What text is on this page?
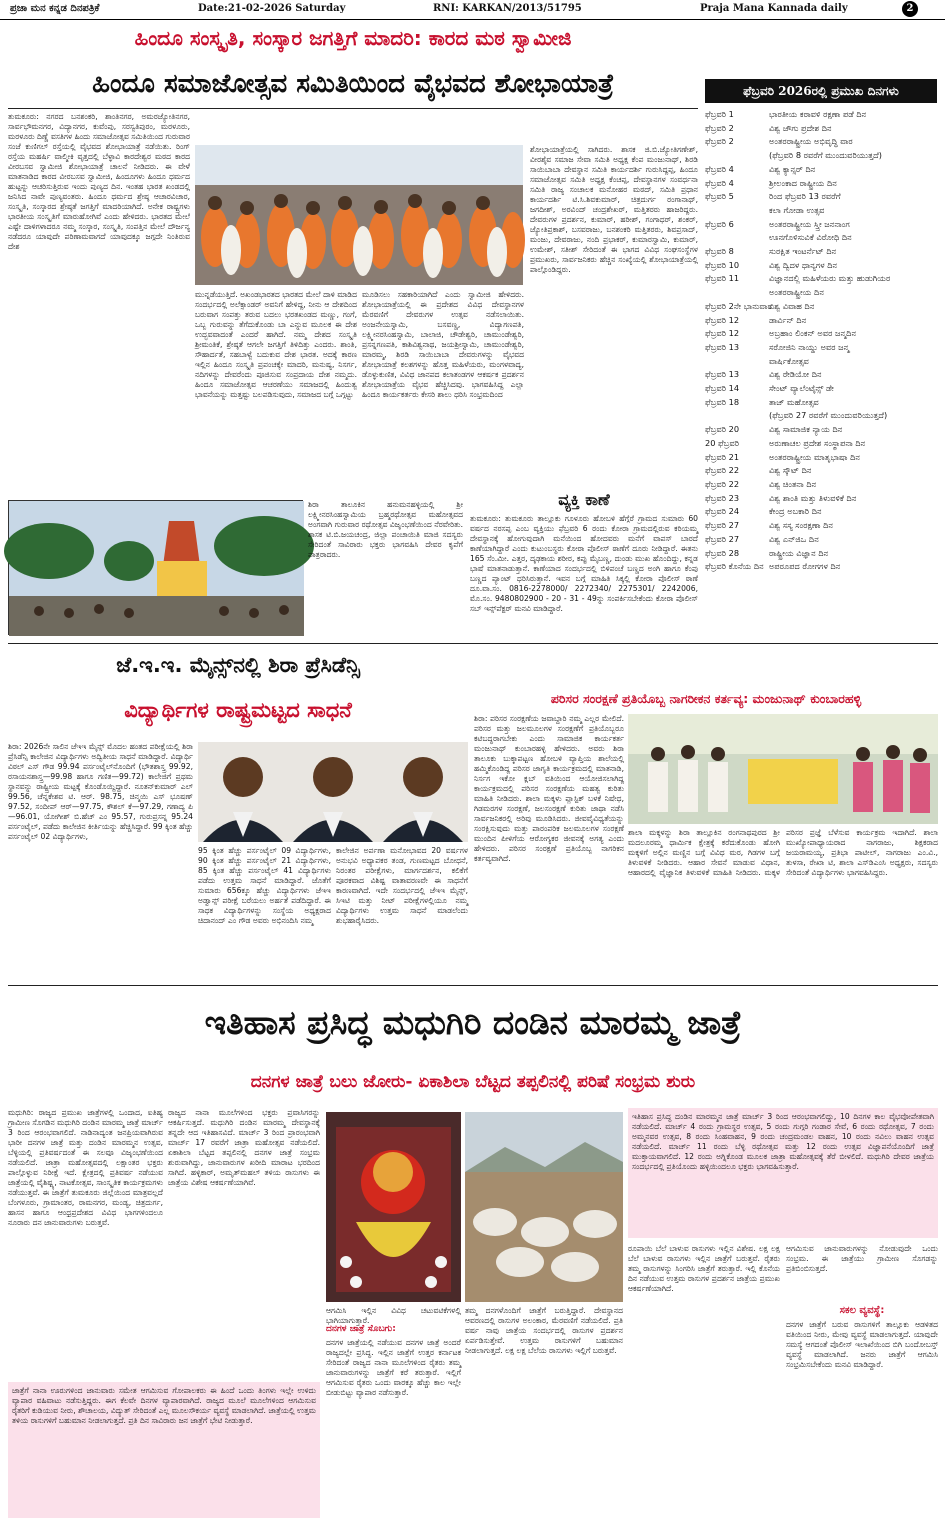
ಪ್ರಜಾ ಮನ ಕನ್ನಡ ದಿನಪತ್ರಿಕೆ	Date:21-02-2026 Saturday	RNI: KARKAN/2013/51795	Praja Mana Kannada daily	2
ಹಿಂದೂ ಸಂಸ್ಕೃತಿ, ಸಂಸ್ಕಾರ ಜಗತ್ತಿಗೆ ಮಾದರಿ: ಕಾರದ ಮಠ ಸ್ವಾಮೀಜಿ
ಹಿಂದೂ ಸಮಾಜೋತ್ಸವ ಸಮಿತಿಯಿಂದ ವೈಭವದ ಶೋಭಾಯಾತ್ರೆ

ತುಮಕೂರು: ನಗರದ ಬನಶಂಕರಿ, ಶಾಂತಿನಗರ, ಅಮರಜ್ಯೋತಿನಗರ, ಸಾರ್ವಭೌಮನಗರ, ವಿದ್ಯಾನಗರ, ಕುವೆಂಪು, ಸರಸ್ವತಿಪುರಂ, ಮರಳೂರು, ಮರಳೂರು ದಿಣ್ಣೆ ವಸತಿಗಳ ಹಿಂದು ಸಮಾಜೋತ್ಸವ ಸಮಿತಿಯಿಂದ ಗುರುವಾರ ಸಂಜೆ ಕುಣಿಗಲ್ ರಸ್ತೆಯಲ್ಲಿ ವೈಭವದ ಶೋಭಾಯಾತ್ರೆ ನಡೆಯಿತು. ರಿಂಗ್ ರಸ್ತೆಯ ಮಹರ್ಷಿ ವಾಲ್ಮೀಕಿ ವೃತ್ತದಲ್ಲಿ ಬೆಳ್ಳಾವಿ ಕಾರದೇಶ್ವರ ಮಠದ ಕಾರದ ವೀರಬಸವ ಸ್ವಾಮೀಜಿ ಶೋಭಾಯಾತ್ರೆ ಚಾಲನೆ ನೀಡಿದರು. ಈ ವೇಳೆ ಮಾತನಾಡಿದ ಕಾರದ ವೀರಬಸವ ಸ್ವಾಮೀಜಿ, ಹಿಂದೂಗಳು ಹಿಂದೂ ಧರ್ಮದ ಹುಟ್ಟನ್ನು ಆಚರಿಸುತ್ತಿರುವ ಇಂದು ಪುಣ್ಯದ ದಿನ. ಇಂತಹ ಭಾರತ ಖಂಡದಲ್ಲಿ ಜನಿಸಿದ ನಾವೇ ಪುಣ್ಯವಂತರು. ಹಿಂದೂ ಧರ್ಮದ ಶ್ರೇಷ್ಠ ಆಚಾರವಿಚಾರ, ಸಂಸ್ಕೃತಿ, ಸಂಸ್ಕಾರದ ಶ್ರೇಷ್ಠತೆ ಜಗತ್ತಿಗೆ ಮಾದರಿಯಾಗಿದೆ. ಅನೇಕ ರಾಷ್ಟ್ರಗಳು ಭಾರತೀಯ ಸಂಸ್ಕೃತಿಗೆ ಮಾರುಹೋಗಿವೆ ಎಂದು ಹೇಳಿದರು. ಭಾರತದ ಮೇಲೆ ಎಷ್ಟೇ ದಾಳಿಗಳಾದರೂ ನಮ್ಮ ಸಂಸ್ಕಾರ, ಸಂಸ್ಕೃತಿ, ಸಂಪತ್ತಿನ ಮೇಲೆ ದೌರ್ಜನ್ಯ ನಡೆದರೂ ಯಾವುದೇ ಪರಿಣಾಮವಾಗದೆ ಯಾವುದಕ್ಕೂ ಜಗ್ಗದೇ ನಿಂತಿರುವ ದೇಶ

ಮುನ್ನಡೆಯುತ್ತಿದೆ. ಅಖಂಡಭಾರತದ ಭಾರತದ ಮೇಲೆ ದಾಳಿ ಮಾಡಿದ ಸಂದರ್ಭದಲ್ಲಿ ಅಲೆಕ್ಸಾಂಡರ್ ಅವನಿಗೆ ಹೇಳಿದ್ದ, ನೀನು ಆ ದೇಶದಿಂದ ಬರುವಾಗ ಸಂಪತ್ತು ತರುವ ಬದಲು ಭರತಖಂಡದ ಮಣ್ಣು, ಗಂಗೆ, ಒಬ್ಬ ಗುರುವನ್ನು ತೆಗೆದುಕೊಂಡು ಬಾ ಎನ್ನುವ ಮೂಲಕ ಈ ದೇಶ ಉದ್ಭವವಾದಂತೆ ಎಂದರೆ ಹಾಗಿದೆ. ನಮ್ಮ ದೇಶದ ಸಂಸ್ಕೃತಿ ಶ್ರೀಮಂತಿಕೆ, ಶ್ರೇಷ್ಠತೆ ಆಗಲೇ ಜಗತ್ತಿಗೆ ತಿಳಿದಿತ್ತು ಎಂದರು. ಶಾಂತಿ, ಸೌಹಾರ್ದತೆ, ಸಹಬಾಳ್ವೆ ಬದುಕುವ ದೇಶ ಭಾರತ. ಅದಕ್ಕೆ ಕಾರಣ ಇಲ್ಲಿನ ಹಿಂದೂ ಸಂಸ್ಕೃತಿ ಪ್ರಪಂಚಕ್ಕೇ ಮಾದರಿ, ಮನುಷ್ಯ, ನಿಸರ್ಗ, ನದಿಗಳನ್ನು ದೇವರೆಂದು ಪೂಜಿಸುವ ಸಂಪ್ರದಾಯ ದೇಶ ನಮ್ಮದು. ಹಿಂದೂ ಸಮಾಜೋತ್ಸವ ಆಚರಣೆಯು ಸಮಾಜದಲ್ಲಿ ಹಿಂದುತ್ವ ಭಾವನೆಯನ್ನು ಮತ್ತಷ್ಟು ಬಲಪಡಿಸುವುದು, ಸಮಾಜದ ಬಗ್ಗೆ ಒಗ್ಗಟ್ಟು

ಮೂಡಿಸಲು ಸಹಕಾರಿಯಾಗಿದೆ ಎಂದು ಸ್ವಾಮೀಜಿ ಹೇಳಿದರು. ಶೋಭಾಯಾತ್ರೆಯಲ್ಲಿ ಈ ಪ್ರದೇಶದ ವಿವಿಧ ದೇವಸ್ಥಾನಗಳ ಮೆರವಣಿಗೆ ದೇವರುಗಳ ಉತ್ಸವ ನಡೆಸಲಾಯಿತು. ಅಂಜನೇಯಸ್ವಾಮಿ, ಬಸವಣ್ಣ, ವಿದ್ಯಾಗಣಪತಿ, ಲಕ್ಷ್ಮೀನರಸಿಂಹಸ್ವಾಮಿ, ಬಾಲಾಜಿ, ಚೌಡೇಶ್ವರಿ, ಚಾಮುಂಡೇಶ್ವರಿ, ಪ್ರಸನ್ನಗಣಪತಿ, ಕಾಶಿವಿಶ್ವನಾಥ, ಜಯಶ್ರೀಸ್ವಾಮಿ, ಚಾಮುಂಡೇಶ್ವರಿ, ಮಾರಮ್ಮ, ಶಿರಡಿ ಸಾಯಿಬಾಬಾ ದೇವರುಗಳನ್ನು ವೈಭವದ ಶೋಭಾಯಾತ್ರೆ ಕಲಶಗಳನ್ನು ಹೊತ್ತ ಮಹಿಳೆಯರು, ಮಂಗಳವಾದ್ಯ, ಡೊಳ್ಳುಕುಣಿತ, ವಿವಿಧ ಜಾನಪದ ಕಲಾತಂಡಗಳ ಆಕರ್ಷಕ ಪ್ರದರ್ಶನ ಶೋಭಾಯಾತ್ರೆಯ ವೈಭವ ಹೆಚ್ಚಿಸಿದವು. ಭಾಗವಹಿಸಿದ್ದ ಎಲ್ಲಾ ಹಿಂದೂ ಕಾರ್ಯಕರ್ತರು ಕೇಸರಿ ಶಾಲು ಧರಿಸಿ ಸಂಭ್ರಮದಿಂದ

ಶೋಭಾಯಾತ್ರೆಯಲ್ಲಿ ಸಾಗಿದರು. ಶಾಸಕ ಜಿ.ಬಿ.ಜ್ಯೋತಿಗಣೇಶ್, ವೀರಶೈವ ಸಮಾಜ ಸೇವಾ ಸಮಿತಿ ಅಧ್ಯಕ್ಷ ಕೆಂಪ ಮಂಜುನಾಥ್, ಶಿರಡಿ ಸಾಯಿಬಾಬಾ ದೇವಸ್ಥಾನ ಸಮಿತಿ ಕಾರ್ಯದರ್ಶಿ ಗುರುಸಿದ್ದಪ್ಪ, ಹಿಂದೂ ಸಮಾಜೋತ್ಸವ ಸಮಿತಿ ಅಧ್ಯಕ್ಷ ಕೆಂಚಪ್ಪ, ದೇವಸ್ಥಾನಗಳ ಸಂವರ್ಧನಾ ಸಮಿತಿ ರಾಜ್ಯ ಸಂಚಾಲಕ ಮನೋಹರ ಮಠದ್, ಸಮಿತಿ ಪ್ರಧಾನ ಕಾರ್ಯದರ್ಶಿ ಟಿ.ಸಿ.ಶಿವಕುಮಾರ್, ಚಿತ್ರದುರ್ಗ ರಂಗಾನಾಥ್, ಜಗದೀಶ್, ಅರವಿಂದ್ ಚಂದ್ರಶೇಖರ್, ಮತ್ತಿತರರು ಹಾಜರಿದ್ದರು. ದೇವರುಗಳ ಪ್ರದರ್ಶನ, ಕುಮಾರ್, ಹರೀಶ್, ಗಂಗಾಧರ್, ಶಂಕರ್, ಜ್ಯೋತಿಪ್ರಕಾಶ್, ಬಸವರಾಜು, ಬನಶಂಕರಿ ಮತ್ತಿತರರು, ಶಿವಪ್ರಸಾದ್, ಮಂಜು, ದೇವರಾಜು, ನಂದಿ ಪ್ರಭಾಕರ್, ಕುಮಾರಸ್ವಾಮಿ, ಕುಮಾರ್, ಉಮೇಶ್, ಸತೀಶ್ ಸೇರಿದಂತೆ ಈ ಭಾಗದ ವಿವಿಧ ಸಂಘಸಂಸ್ಥೆಗಳ ಪ್ರಮುಖರು, ಸಾರ್ವಜನಿಕರು ಹೆಚ್ಚಿನ ಸಂಖ್ಯೆಯಲ್ಲಿ ಶೋಭಾಯಾತ್ರೆಯಲ್ಲಿ ಪಾಲ್ಗೊಂಡಿದ್ದರು.

ವ್ಯಕ್ತಿ ಕಾಣೆ

ತುಮಕೂರು: ತುಮಕೂರು ತಾಲ್ಲೂಕು ಗೂಳೂರು ಹೋಬಳಿ ಹೆಗ್ಗೆರೆ ಗ್ರಾಮದ ಸುಮಾರು 60 ವರ್ಷದ ನರಸಪ್ಪ ಎಂಬ ವ್ಯಕ್ತಿಯು ಫೆಬ್ರವರಿ 6 ರಂದು ಕೋರಾ ಗ್ರಾಮದಲ್ಲಿರುವ ಕರಿಯಮ್ಮ ದೇವಸ್ಥಾನಕ್ಕೆ ಹೋಗುವುದಾಗಿ ಮನೆಯಿಂದ ಹೋದವರು ಮನೆಗೆ ವಾಪಸ್ ಬಾರದೆ ಕಾಣೆಯಾಗಿದ್ದಾರೆ ಎಂದು ಕುಟುಂಬಸ್ಥರು ಕೋರಾ ಪೊಲೀಸ್ ಠಾಣೆಗೆ ದೂರು ನೀಡಿದ್ದಾರೆ. ಈತನು 165 ಸೆಂ.ಮೀ. ಎತ್ತರ, ದೃಢಕಾಯ ಶರೀರ, ಕಪ್ಪು ಮೈಬಣ್ಣ, ದುಂಡು ಮುಖ ಹೊಂದಿದ್ದು, ಕನ್ನಡ ಭಾಷೆ ಮಾತನಾಡುತ್ತಾನೆ. ಕಾಣೆಯಾದ ಸಂದರ್ಭದಲ್ಲಿ ಬಿಳಿಪಂಚೆ ಬಣ್ಣದ ಅಂಗಿ ಹಾಗೂ ಕೆಂಪು ಬಣ್ಣದ ಪ್ಯಾಂಟ್ ಧರಿಸಿರುತ್ತಾನೆ. ಇವನ ಬಗ್ಗೆ ಮಾಹಿತಿ ಸಿಕ್ಕಲ್ಲಿ ಕೋರಾ ಪೊಲೀಸ್ ಠಾಣೆ ದೂ.ವಾ.ಸಂ. 0816-2278000/ 2272340/ 2275301/ 2242006, ಮೊ.ಸಂ. 9480802900 - 20 - 31 - 49ನ್ನು ಸಂಪರ್ಕಿಸಬೇಕೆಂದು ಕೋರಾ ಪೊಲೀಸ್ ಸಬ್ ಇನ್ಸ್‌ಪೆಕ್ಟರ್ ಮನವಿ ಮಾಡಿದ್ದಾರೆ.

ಶಿರಾ ತಾಲೂಕಿನ ಹನುಮನಹಳ್ಳಿಯಲ್ಲಿ ಶ್ರೀ ಲಕ್ಷ್ಮೀನರಸಿಂಹಸ್ವಾಮಿಯ ಬ್ರಹ್ಮರಥೋತ್ಸವ ಮಹೋತ್ಸವದ ಅಂಗವಾಗಿ ಗುರುವಾರ ರಥೋತ್ಸವ ವಿಜೃಂಭಣೆಯಿಂದ ನೆರವೇರಿತು. ಶಾಸಕ ಟಿ.ಬಿ.ಜಯಚಂದ್ರ, ಜಿಲ್ಲಾ ಪಂಚಾಯಿತಿ ಮಾಜಿ ಸದಸ್ಯರು ಸೇರಿದಂತೆ ಸಾವಿರಾರು ಭಕ್ತರು ಭಾಗವಹಿಸಿ ದೇವರ ಕೃಪೆಗೆ ಪಾತ್ರರಾದರು.

ಫೆಬ್ರವರಿ 2026ರಲ್ಲಿ ಪ್ರಮುಖ ದಿನಗಳು
ಫೆಬ್ರವರಿ 1	ಭಾರತೀಯ ಕರಾವಳಿ ರಕ್ಷಣಾ ಪಡೆ ದಿನ
ಫೆಬ್ರವರಿ 2	ವಿಶ್ವ ಜೌಗು ಪ್ರದೇಶ ದಿನ
ಫೆಬ್ರವರಿ 2	ಅಂತರರಾಷ್ಟ್ರೀಯ ಅಭಿವೃದ್ಧಿ ವಾರ
(ಫೆಬ್ರವರಿ 8 ರವರೆಗೆ ಮುಂದುವರಿಯುತ್ತದೆ)
ಫೆಬ್ರವರಿ 4	ವಿಶ್ವ ಕ್ಯಾನ್ಸರ್ ದಿನ
ಫೆಬ್ರವರಿ 4	ಶ್ರೀಲಂಕಾದ ರಾಷ್ಟ್ರೀಯ ದಿನ
ಫೆಬ್ರವರಿ 5	ರಿಂದ ಫೆಬ್ರವರಿ 13 ರವರೆಗೆ
ಕಲಾ ಗೋಡಾ ಉತ್ಸವ
ಫೆಬ್ರವರಿ 6	ಅಂತರರಾಷ್ಟ್ರೀಯ ಸ್ತ್ರೀ ಜನನಾಂಗ
ಊನಗೊಳಿಸುವಿಕೆ ವಿರೋಧಿ ದಿನ
ಫೆಬ್ರವರಿ 8	ಸುರಕ್ಷಿತ ಇಂಟರ್ನೆಟ್ ದಿನ
ಫೆಬ್ರವರಿ 10	ವಿಶ್ವ ದ್ವಿದಳ ಧಾನ್ಯಗಳ ದಿನ
ಫೆಬ್ರವರಿ 11	ವಿಜ್ಞಾನದಲ್ಲಿ ಮಹಿಳೆಯರು ಮತ್ತು ಹುಡುಗಿಯರ
ಅಂತರರಾಷ್ಟ್ರೀಯ ದಿನ
ಫೆಬ್ರವರಿ 2ನೇ ಭಾನುವಾರ
ವಿಶ್ವ ವಿವಾಹ ದಿನ
ಫೆಬ್ರವರಿ 12	ಡಾರ್ವಿನ್ ದಿನ
ಫೆಬ್ರವರಿ 12	ಅಬ್ರಹಾಂ ಲಿಂಕನ್ ಅವರ ಜನ್ಮದಿನ
ಫೆಬ್ರವರಿ 13	ಸರೋಜಿನಿ ನಾಯ್ಡು ಅವರ ಜನ್ಮ
ವಾರ್ಷಿಕೋತ್ಸವ
ಫೆಬ್ರವರಿ 13	ವಿಶ್ವ ರೇಡಿಯೋ ದಿನ
ಫೆಬ್ರವರಿ 14	ಸೇಂಟ್ ವ್ಯಾಲೆಂಟೈನ್ಸ್ ಡೇ
ಫೆಬ್ರವರಿ 18	ತಾಜ್ ಮಹೋತ್ಸವ
(ಫೆಬ್ರವರಿ 27 ರವರೆಗೆ ಮುಂದುವರಿಯುತ್ತದೆ)
ಫೆಬ್ರವರಿ 20	ವಿಶ್ವ ಸಾಮಾಜಿಕ ನ್ಯಾಯ ದಿನ
20 ಫೆಬ್ರವರಿ	ಅರುಣಾಚಲ ಪ್ರದೇಶ ಸಂಸ್ಥಾಪನಾ ದಿನ
ಫೆಬ್ರವರಿ 21	ಅಂತರರಾಷ್ಟ್ರೀಯ ಮಾತೃಭಾಷಾ ದಿನ
ಫೆಬ್ರವರಿ 22	ವಿಶ್ವ ಸ್ಕೌಟ್ ದಿನ
ಫೆಬ್ರವರಿ 22	ವಿಶ್ವ ಚಿಂತನಾ ದಿನ
ಫೆಬ್ರವರಿ 23	ವಿಶ್ವ ಶಾಂತಿ ಮತ್ತು ತಿಳುವಳಿಕೆ ದಿನ
ಫೆಬ್ರವರಿ 24	ಕೇಂದ್ರ ಅಬಕಾರಿ ದಿನ
ಫೆಬ್ರವರಿ 27	ವಿಶ್ವ ಸಸ್ಯ ಸಂರಕ್ಷಣಾ ದಿನ
ಫೆಬ್ರವರಿ 27	ವಿಶ್ವ ಎನ್‌ಜಿಒ ದಿನ
ಫೆಬ್ರವರಿ 28	ರಾಷ್ಟ್ರೀಯ ವಿಜ್ಞಾನ ದಿನ
ಫೆಬ್ರವರಿ ಕೊನೆಯ ದಿನ ಅಪರೂಪದ ರೋಗಗಳ ದಿನ
ಜೆ.ಇ.ಇ. ಮೈನ್ಸ್‌ನಲ್ಲಿ ಶಿರಾ ಪ್ರೆಸಿಡೆನ್ಸಿ
ವಿದ್ಯಾರ್ಥಿಗಳ ರಾಷ್ಟ್ರಮಟ್ಟದ ಸಾಧನೆ

ಶಿರಾ: 2026ನೇ ಸಾಲಿನ ಜೆಇಇ ಮೈನ್ಸ್ ಮೊದಲ ಹಂತದ ಪರೀಕ್ಷೆಯಲ್ಲಿ ಶಿರಾ ಪ್ರೆಸಿಡೆನ್ಸಿ ಕಾಲೇಜಿನ ವಿದ್ಯಾರ್ಥಿಗಳು ಅದ್ವಿತೀಯ ಸಾಧನೆ ಮಾಡಿದ್ದಾರೆ. ವಿದ್ಯಾರ್ಥಿ ವಿಠಲ್ ಎಸ್ ಗೌಡ 99.94 ಪರ್ಸಂಟೈಲ್‌ನೊಂದಿಗೆ (ಭೌತಶಾಸ್ತ್ರ 99.92, ರಸಾಯನಶಾಸ್ತ್ರ—99.98 ಹಾಗೂ ಗಣಿತ—99.72) ಕಾಲೇಜಿಗೆ ಪ್ರಥಮ ಸ್ಥಾನವನ್ನು ರಾಷ್ಟ್ರೀಯ ಮಟ್ಟಕ್ಕೆ ಕೊಂಡೊಯ್ದಿದ್ದಾರೆ. ನೂತನ್‌ಕುಮಾರ್ ಎಲ್ 99.56, ಚೆನ್ನಕೇಶವ ಟಿ. ಆರ್. 98.75, ಚಿನ್ಮಯಿ ಎಸ್ ಭೂಷಣ್ 97.52, ಸಂದೀಪ್ ಆರ್—97.75, ಕೌಶಲ್ ಕೆ—97.29, ಗಣಾದ್ಯ ಪಿ—96.01, ಯೋಗೀಶ್ ಬಿ.ಹೆಚ್ ಎಂ 95.57, ಗುರುಪ್ರಸನ್ನ 95.24 ಪರ್ಸಂಟೈಲ್, ಪಡೆದು ಕಾಲೇಜಿನ ಕೀರ್ತಿಯನ್ನು ಹೆಚ್ಚಿಸಿದ್ದಾರೆ. 99 ಕ್ಕಿಂತ ಹೆಚ್ಚು ಪರ್ಸಂಟೈಲ್ 02 ವಿದ್ಯಾರ್ಥಿಗಳು,

95 ಕ್ಕಿಂತ ಹೆಚ್ಚು ಪರ್ಸಂಟೈಲ್ 09 ವಿದ್ಯಾರ್ಥಿಗಳು, 90 ಕ್ಕಿಂತ ಹೆಚ್ಚು ಪರ್ಸಂಟೈಲ್ 21 ವಿದ್ಯಾರ್ಥಿಗಳು, 85 ಕ್ಕಿಂತ ಹೆಚ್ಚು ಪರ್ಸಂಟೈಲ್ 41 ವಿದ್ಯಾರ್ಥಿಗಳು ಪಡೆದು ಉತ್ತಮ ಸಾಧನೆ ಮಾಡಿದ್ದಾರೆ. ಜೊತೆಗೆ ಸುಮಾರು 656ಕ್ಕೂ ಹೆಚ್ಚು ವಿದ್ಯಾರ್ಥಿಗಳು ಜೆಇಇ ಅಡ್ವಾನ್ಸ್ ಪರೀಕ್ಷೆ ಬರೆಯಲು ಅರ್ಹತೆ ಪಡೆದಿದ್ದಾರೆ. ಈ ಸಾಧಕ ವಿದ್ಯಾರ್ಥಿಗಳನ್ನು ಸಂಸ್ಥೆಯ ಅಧ್ಯಕ್ಷರಾದ ಚಿದಾನಂದ್ ಎಂ ಗೌಡ ಅವರು ಅಭಿನಂದಿಸಿ ನಮ್ಮ

ಕಾಲೇಜಿನ ಅರ್ಪಣಾ ಮನೋಭಾವದ 20 ವರ್ಷಗಳ ಅನುಭವಿ ಅಧ್ಯಾಪಕರ ತಂಡ, ಗುಣಮಟ್ಟದ ಬೋಧನೆ, ನಿರಂತರ ಪರೀಕ್ಷೆಗಳು, ಮಾರ್ಗದರ್ಶನ, ಕಲಿಕೆಗೆ ಪೂರಕವಾದ ವಿಶಿಷ್ಟ ವಾತಾವರಣವೇ ಈ ಸಾಧನೆಗೆ ಕಾರಣವಾಗಿದೆ. ಇದೇ ಸಂದರ್ಭದಲ್ಲಿ ಜೆಇಇ ಮೈನ್ಸ್, ಸಿಇಟಿ ಮತ್ತು ನೀಟ್ ಪರೀಕ್ಷೆಗಳಲ್ಲಿಯೂ ನಮ್ಮ ವಿದ್ಯಾರ್ಥಿಗಳು ಉತ್ತಮ ಸಾಧನೆ ಮಾಡಲೆಂದು ಶುಭಹಾರೈಸಿದರು.

ಪರಿಸರ ಸಂರಕ್ಷಣೆ ಪ್ರತಿಯೊಬ್ಬ ನಾಗರೀಕನ ಕರ್ತವ್ಯ: ಮಂಜುನಾಥ್ ಕುಂಬಾರಹಳ್ಳಿ

ಶಿರಾ: ಪರಿಸರ ಸಂರಕ್ಷಣೆಯ ಜವಾಬ್ದಾರಿ ನಮ್ಮ ಎಲ್ಲರ ಮೇಲಿದೆ. ಪರಿಸರ ಮತ್ತು ಜಲಮೂಲಗಳ ಸಂರಕ್ಷಣೆಗೆ ಪ್ರತಿಯೊಬ್ಬರೂ ಕಟಿಬದ್ಧರಾಗಬೇಕು ಎಂದು ಸಾಮಾಜಿಕ ಕಾರ್ಯಕರ್ತ ಮಂಜುನಾಥ್ ಕುಂಬಾರಹಳ್ಳಿ ಹೇಳಿದರು. ಅವರು ಶಿರಾ ತಾಲೂಕು ಬುಕ್ಕಾಪಟ್ಟಣ ಹೋಬಳಿ ವ್ಯಾಪ್ತಿಯ ಶಾಲೆಯಲ್ಲಿ ಹಮ್ಮಿಕೊಂಡಿದ್ದ ಪರಿಸರ ಜಾಗೃತಿ ಕಾರ್ಯಕ್ರಮದಲ್ಲಿ ಮಾತನಾಡಿ, ನಿರ್ಸಗ ಇಕೋ ಕ್ಲಬ್ ವತಿಯಿಂದ ಆಯೋಜಿಸಲಾಗಿದ್ದ ಕಾರ್ಯಕ್ರಮದಲ್ಲಿ ಪರಿಸರ ಸಂರಕ್ಷಣೆಯ ಮಹತ್ವ ಕುರಿತು ಮಾಹಿತಿ ನೀಡಿದರು. ಶಾಲಾ ಮಕ್ಕಳು ಪ್ಲಾಸ್ಟಿಕ್ ಬಳಕೆ ನಿಷೇಧ, ಗಿಡಮರಗಳ ಸಂರಕ್ಷಣೆ, ಜಲಸಂರಕ್ಷಣೆ ಕುರಿತು ಜಾಥಾ ನಡೆಸಿ ಸಾರ್ವಜನಿಕರಲ್ಲಿ ಅರಿವು ಮೂಡಿಸಿದರು. ಜೀವವೈವಿಧ್ಯತೆಯನ್ನು ಸಂರಕ್ಷಿಸುವುದು ಮತ್ತು ಪಾರಂಪರಿಕ ಜಲಮೂಲಗಳ ಸಂರಕ್ಷಣೆ ಮುಂದಿನ ಪೀಳಿಗೆಯ ಆರೋಗ್ಯಕರ ಜೀವನಕ್ಕೆ ಅಗತ್ಯ ಎಂದು ಹೇಳಿದರು. ಪರಿಸರ ಸಂರಕ್ಷಣೆ ಪ್ರತಿಯೊಬ್ಬ ನಾಗರಿಕನ ಕರ್ತವ್ಯವಾಗಿದೆ.

ಶಾಲಾ ಮಕ್ಕಳನ್ನು ಶಿರಾ ತಾಲ್ಲೂಕಿನ ರಂಗನಾಥಪುರದ ಶ್ರೀ ಮದಲೂರಮ್ಮ ಧಾರ್ಮಿಕ ಕ್ಷೇತ್ರಕ್ಕೆ ಕರೆದುಕೊಂಡು ಹೋಗಿ ಮಕ್ಕಳಿಗೆ ಅಲ್ಲಿನ ಮಣ್ಣಿನ ಬಗ್ಗೆ ವಿವಿಧ ಮರ, ಗಿಡಗಳ ಬಗ್ಗೆ ತಿಳುವಳಿಕೆ ನೀಡಿದರು. ಆಹಾರ ಸೇವನೆ ಮಾಡುವ ವಿಧಾನ, ಆಹಾರದಲ್ಲಿ ವೈಜ್ಞಾನಿಕ ತಿಳುವಳಿಕೆ ಮಾಹಿತಿ ನೀಡಿದರು. ಮಕ್ಕಳ ಪರಿಸರ ಪ್ರಜ್ಞೆ ಬೆಳೆಸುವ ಕಾರ್ಯಕ್ರಮ ಇದಾಗಿದೆ. ಶಾಲಾ ಮುಖ್ಯೋಪಾಧ್ಯಾಯರಾದ ನಾಗರಾಜು, ಶಿಕ್ಷಕರಾದ ಜಯರಾಮಯ್ಯ, ಪ್ರತಿಭಾ ಪಾಟೀಲ್, ನಾಗರಾಜು ಎಂ.ವಿ., ತುಳಸಾ, ರೇಖಾ ಟಿ, ಶಾಲಾ ಎಸ್‌ಡಿಎಂಸಿ ಅಧ್ಯಕ್ಷರು, ಸದಸ್ಯರು ಸೇರಿದಂತೆ ವಿದ್ಯಾರ್ಥಿಗಳು ಭಾಗವಹಿಸಿದ್ದರು.

ಇತಿಹಾಸ ಪ್ರಸಿದ್ಧ ಮಧುಗಿರಿ ದಂಡಿನ ಮಾರಮ್ಮ ಜಾತ್ರೆ
ದನಗಳ ಜಾತ್ರೆ ಬಲು ಜೋರು- ಏಕಾಶಿಲಾ ಬೆಟ್ಟದ ತಪ್ಪಲಿನಲ್ಲಿ ಪರಿಷೆ ಸಂಭ್ರಮ ಶುರು

ಮಧುಗಿರಿ: ರಾಜ್ಯದ ಪ್ರಮುಖ ಜಾತ್ರೆಗಳಲ್ಲಿ ಒಂದಾದ, ಐತಿಹ್ಯ ಗ್ರಾಮೀಣ ಸೊಗಡಿನ ಮಧುಗಿರಿ ದಂಡಿನ ಮಾರಮ್ಮ ಜಾತ್ರೆ ಮಾರ್ಚ್ 3 ರಿಂದ ಆರಂಭವಾಗಲಿದೆ. ನಾಡಿನಾದ್ಯಂತ ಜನಪ್ರಿಯವಾಗಿರುವ ಭಾರೀ ದನಗಳ ಜಾತ್ರೆ ಮತ್ತು ದಂಡಿನ ಮಾರಮ್ಮನ ಉತ್ಸವ, ಬೆಳ್ಳಿಯಲ್ಲಿ ಪ್ರತಿವರ್ಷದಂತೆ ಈ ಸಲವೂ ವಿಜೃಂಭಣೆಯಿಂದ ನಡೆಯಲಿದೆ. ಜಾತ್ರಾ ಮಹೋತ್ಸವದಲ್ಲಿ ಲಕ್ಷಾಂತರ ಭಕ್ತರು ಪಾಲ್ಗೊಳ್ಳುವ ನಿರೀಕ್ಷೆ ಇದೆ. ಕ್ಷೇತ್ರದಲ್ಲಿ ಪ್ರತಿವರ್ಷ ನಡೆಯುವ ಜಾತ್ರೆಯಲ್ಲಿ ವೈಶಿಷ್ಟ್ಯ, ನಾಟಕೋತ್ಸವ, ಸಾಂಸ್ಕೃತಿಕ ಕಾರ್ಯಕ್ರಮಗಳು ನಡೆಯುತ್ತವೆ. ಈ ಜಾತ್ರೆಗೆ ತುಮಕೂರು ಜಿಲ್ಲೆಯಿಂದ ಮಾತ್ರವಲ್ಲದೆ ಬೆಂಗಳೂರು, ಗ್ರಾಮಾಂತರ, ರಾಮನಗರ, ಮಂಡ್ಯ, ಚಿತ್ರದುರ್ಗ, ಹಾಸನ ಹಾಗೂ ಆಂಧ್ರಪ್ರದೇಶದ ವಿವಿಧ ಭಾಗಗಳಿಂದಲೂ ನೂರಾರು ದನ ಜಾನುವಾರುಗಳು ಬರುತ್ತವೆ.

ರಾಜ್ಯದ ನಾನಾ ಮೂಲೆಗಳಿಂದ ಭಕ್ತರು ಪ್ರವಾಸಿಗರನ್ನು ಆಕರ್ಷಿಸುತ್ತದೆ. ಮಧುಗಿರಿ ದಂಡಿನ ಮಾರಮ್ಮ ದೇವಸ್ಥಾನಕ್ಕೆ ತನ್ನದೇ ಆದ ಇತಿಹಾಸವಿದೆ. ಮಾರ್ಚ್ 3 ರಿಂದ ಪ್ರಾರಂಭವಾಗಿ ಮಾರ್ಚ್ 17 ರವರೆಗೆ ಜಾತ್ರಾ ಮಹೋತ್ಸವ ನಡೆಯಲಿದೆ. ಏಕಾಶಿಲಾ ಬೆಟ್ಟದ ತಪ್ಪಲಿನಲ್ಲಿ ದನಗಳ ಜಾತ್ರೆ ಸಂಭ್ರಮ ಶುರುವಾಗಿದ್ದು, ಜಾನುವಾರುಗಳ ಖರೀದಿ ಮಾರಾಟ ಭರದಿಂದ ಸಾಗಿದೆ. ಹಳ್ಳಿಕಾರ್, ಅಮೃತ್‌ಮಹಲ್ ತಳಿಯ ರಾಸುಗಳು ಈ ಜಾತ್ರೆಯ ವಿಶೇಷ ಆಕರ್ಷಣೆಯಾಗಿವೆ.

ಆಗಮಿಸಿ ಇಲ್ಲಿನ ವಿವಿಧ ಚಟುವಟಿಕೆಗಳಲ್ಲಿ ಭಾಗಿಯಾಗುತ್ತಾರೆ.

ದನಗಳ ಜಾತ್ರೆ ಸೊಬಗು:

ದನಗಳ ಜಾತ್ರೆಯಲ್ಲಿ ನಡೆಯುವ ದನಗಳ ಜಾತ್ರೆ ಅಂದರೆ ರಾಜ್ಯದಲ್ಲೇ ಪ್ರಸಿದ್ಧ. ಇಲ್ಲಿನ ಜಾತ್ರೆಗೆ ಉತ್ತರ ಕರ್ನಾಟಕ ಸೇರಿದಂತೆ ರಾಜ್ಯದ ನಾನಾ ಮೂಲೆಗಳಿಂದ ರೈತರು ತಮ್ಮ ಜಾನುವಾರುಗಳನ್ನು ಜಾತ್ರೆಗೆ ಕರೆ ತರುತ್ತಾರೆ. ಇಲ್ಲಿಗೆ ಆಗಮಿಸುವ ರೈತರು ಒಂದು ವಾರಕ್ಕೂ ಹೆಚ್ಚು ಕಾಲ ಇಲ್ಲೇ ಬೀಡುಬಿಟ್ಟು ವ್ಯಾಪಾರ ನಡೆಸುತ್ತಾರೆ.

ತಮ್ಮ ದನಗಳೊಂದಿಗೆ ಜಾತ್ರೆಗೆ ಬರುತ್ತಿದ್ದಾರೆ. ದೇವಸ್ಥಾನದ ಆವರಣದಲ್ಲಿ ರಾಸುಗಳ ಅಲಂಕಾರ, ಮೆರವಣಿಗೆ ನಡೆಯಲಿದೆ. ಪ್ರತಿ ವರ್ಷ ನಾವು ಜಾತ್ರೆಯ ಸಂದರ್ಭದಲ್ಲಿ ರಾಸುಗಳ ಪ್ರದರ್ಶನ ಏರ್ಪಡಿಸುತ್ತೇವೆ. ಉತ್ತಮ ರಾಸುಗಳಿಗೆ ಬಹುಮಾನ ನೀಡಲಾಗುತ್ತದೆ. ಲಕ್ಷ ಲಕ್ಷ ಬೆಲೆಯ ರಾಸುಗಳು ಇಲ್ಲಿಗೆ ಬರುತ್ತವೆ.

ಇತಿಹಾಸ ಪ್ರಸಿದ್ಧ ದಂಡಿನ ಮಾರಮ್ಮನ ಜಾತ್ರೆ ಮಾರ್ಚ್ 3 ರಿಂದ ಆರಂಭವಾಗಲಿದ್ದು, 10 ದಿನಗಳ ಕಾಲ ವೈಭವೋಪೇತವಾಗಿ ನಡೆಯಲಿದೆ. ಮಾರ್ಚ್ 4 ರಂದು ಗ್ರಾಮಸ್ಥರ ಉತ್ಸವ, 5 ರಂದು ಗುಗ್ಗರಿ ಗಂಡಾರ ಸೇವೆ, 6 ರಂದು ರಥೋತ್ಸವ, 7 ರಂದು ಅಮ್ಮನವರ ಉತ್ಸವ, 8 ರಂದು ಸಿಂಹವಾಹನ, 9 ರಂದು ಚಂದ್ರಮಂಡಲ ವಾಹನ, 10 ರಂದು ನವಿಲು ವಾಹನ ಉತ್ಸವ ನಡೆಯಲಿದೆ. ಮಾರ್ಚ್ 11 ರಂದು ಬೆಳ್ಳಿ ರಥೋತ್ಸವ ಮತ್ತು 12 ರಂದು ಉತ್ಸವ ವಿಜ್ಞಾಪನೆಯೊಂದಿಗೆ ಜಾತ್ರೆ ಮುಕ್ತಾಯವಾಗಲಿದೆ. 12 ರಂದು ಅಗ್ನಿಕೊಂಡ ಮೂಲಕ ಜಾತ್ರಾ ಮಹೋತ್ಸವಕ್ಕೆ ತೆರೆ ಬೀಳಲಿದೆ. ಮಧುಗಿರಿ ದೇವರ ಜಾತ್ರೆಯ ಸಂದರ್ಭದಲ್ಲಿ ಪ್ರತಿಯೊಂದು ಹಳ್ಳಿಯಿಂದಲೂ ಭಕ್ತರು ಭಾಗವಹಿಸುತ್ತಾರೆ.

ರೂಪಾಯಿ ಬೆಲೆ ಬಾಳುವ ರಾಸುಗಳು ಇಲ್ಲಿನ ವಿಶೇಷ. ಲಕ್ಷ ಲಕ್ಷ ಬೆಲೆ ಬಾಳುವ ರಾಸುಗಳು ಇಲ್ಲಿನ ಜಾತ್ರೆಗೆ ಬರುತ್ತವೆ. ರೈತರು ತಮ್ಮ ರಾಸುಗಳನ್ನು ಸಿಂಗರಿಸಿ ಜಾತ್ರೆಗೆ ತರುತ್ತಾರೆ. ಇಲ್ಲಿ ಕೊನೆಯ ದಿನ ನಡೆಯುವ ಉತ್ತಮ ರಾಸುಗಳ ಪ್ರದರ್ಶನ ಜಾತ್ರೆಯ ಪ್ರಮುಖ ಆಕರ್ಷಣೆಯಾಗಿದೆ.

ಆಗಮಿಸುವ ಜಾನುವಾರುಗಳನ್ನು ನೋಡುವುದೇ ಒಂದು ಸಂಭ್ರಮ. ಈ ಜಾತ್ರೆಯು ಗ್ರಾಮೀಣ ಸೊಗಡನ್ನು ಪ್ರತಿಬಿಂಬಿಸುತ್ತದೆ.

ಸಕಲ ವ್ಯವಸ್ಥೆ:

ದನಗಳ ಜಾತ್ರೆಗೆ ಬರುವ ರಾಸುಗಳಿಗೆ ತಾಲ್ಲೂಕು ಆಡಳಿತದ ವತಿಯಿಂದ ನೀರು, ಮೇವು ವ್ಯವಸ್ಥೆ ಮಾಡಲಾಗುತ್ತದೆ. ಯಾವುದೇ ಸಮಸ್ಯೆ ಆಗದಂತೆ ಪೊಲೀಸ್ ಇಲಾಖೆಯಿಂದ ಬಿಗಿ ಬಂದೋಬಸ್ತ್ ವ್ಯವಸ್ಥೆ ಮಾಡಲಾಗಿದೆ. ಜನರು ಜಾತ್ರೆಗೆ ಆಗಮಿಸಿ ಸಂಭ್ರಮಿಸಬೇಕೆಂದು ಮನವಿ ಮಾಡಿದ್ದಾರೆ.

ಜಾತ್ರೆಗೆ ನಾನಾ ಊರುಗಳಿಂದ ಜಾನುವಾರು ಸಮೇತ ಆಗಮಿಸುವ ಗೋಪಾಲಕರು ಈ ಹಿಂದೆ ಒಂದು ತಿಂಗಳು ಇಲ್ಲೇ ಉಳಿದು ವ್ಯಾಪಾರ ವಹಿವಾಟು ನಡೆಸುತ್ತಿದ್ದರು. ಈಗ ಕೆಲವೇ ದಿನಗಳ ವ್ಯಾಪಾರವಾಗಿದೆ. ರಾಜ್ಯದ ಮೂಲೆ ಮೂಲೆಗಳಿಂದ ಆಗಮಿಸುವ ರೈತರಿಗೆ ಕುಡಿಯುವ ನೀರು, ಶೌಚಾಲಯ, ವಿದ್ಯುತ್ ಸೇರಿದಂತೆ ಎಲ್ಲ ಮೂಲಸೌಕರ್ಯ ವ್ಯವಸ್ಥೆ ಮಾಡಲಾಗಿದೆ. ಜಾತ್ರೆಯಲ್ಲಿ ಉತ್ತಮ ತಳಿಯ ರಾಸುಗಳಿಗೆ ಬಹುಮಾನ ನೀಡಲಾಗುತ್ತದೆ. ಪ್ರತಿ ದಿನ ಸಾವಿರಾರು ಜನ ಜಾತ್ರೆಗೆ ಭೇಟಿ ನೀಡುತ್ತಾರೆ.
